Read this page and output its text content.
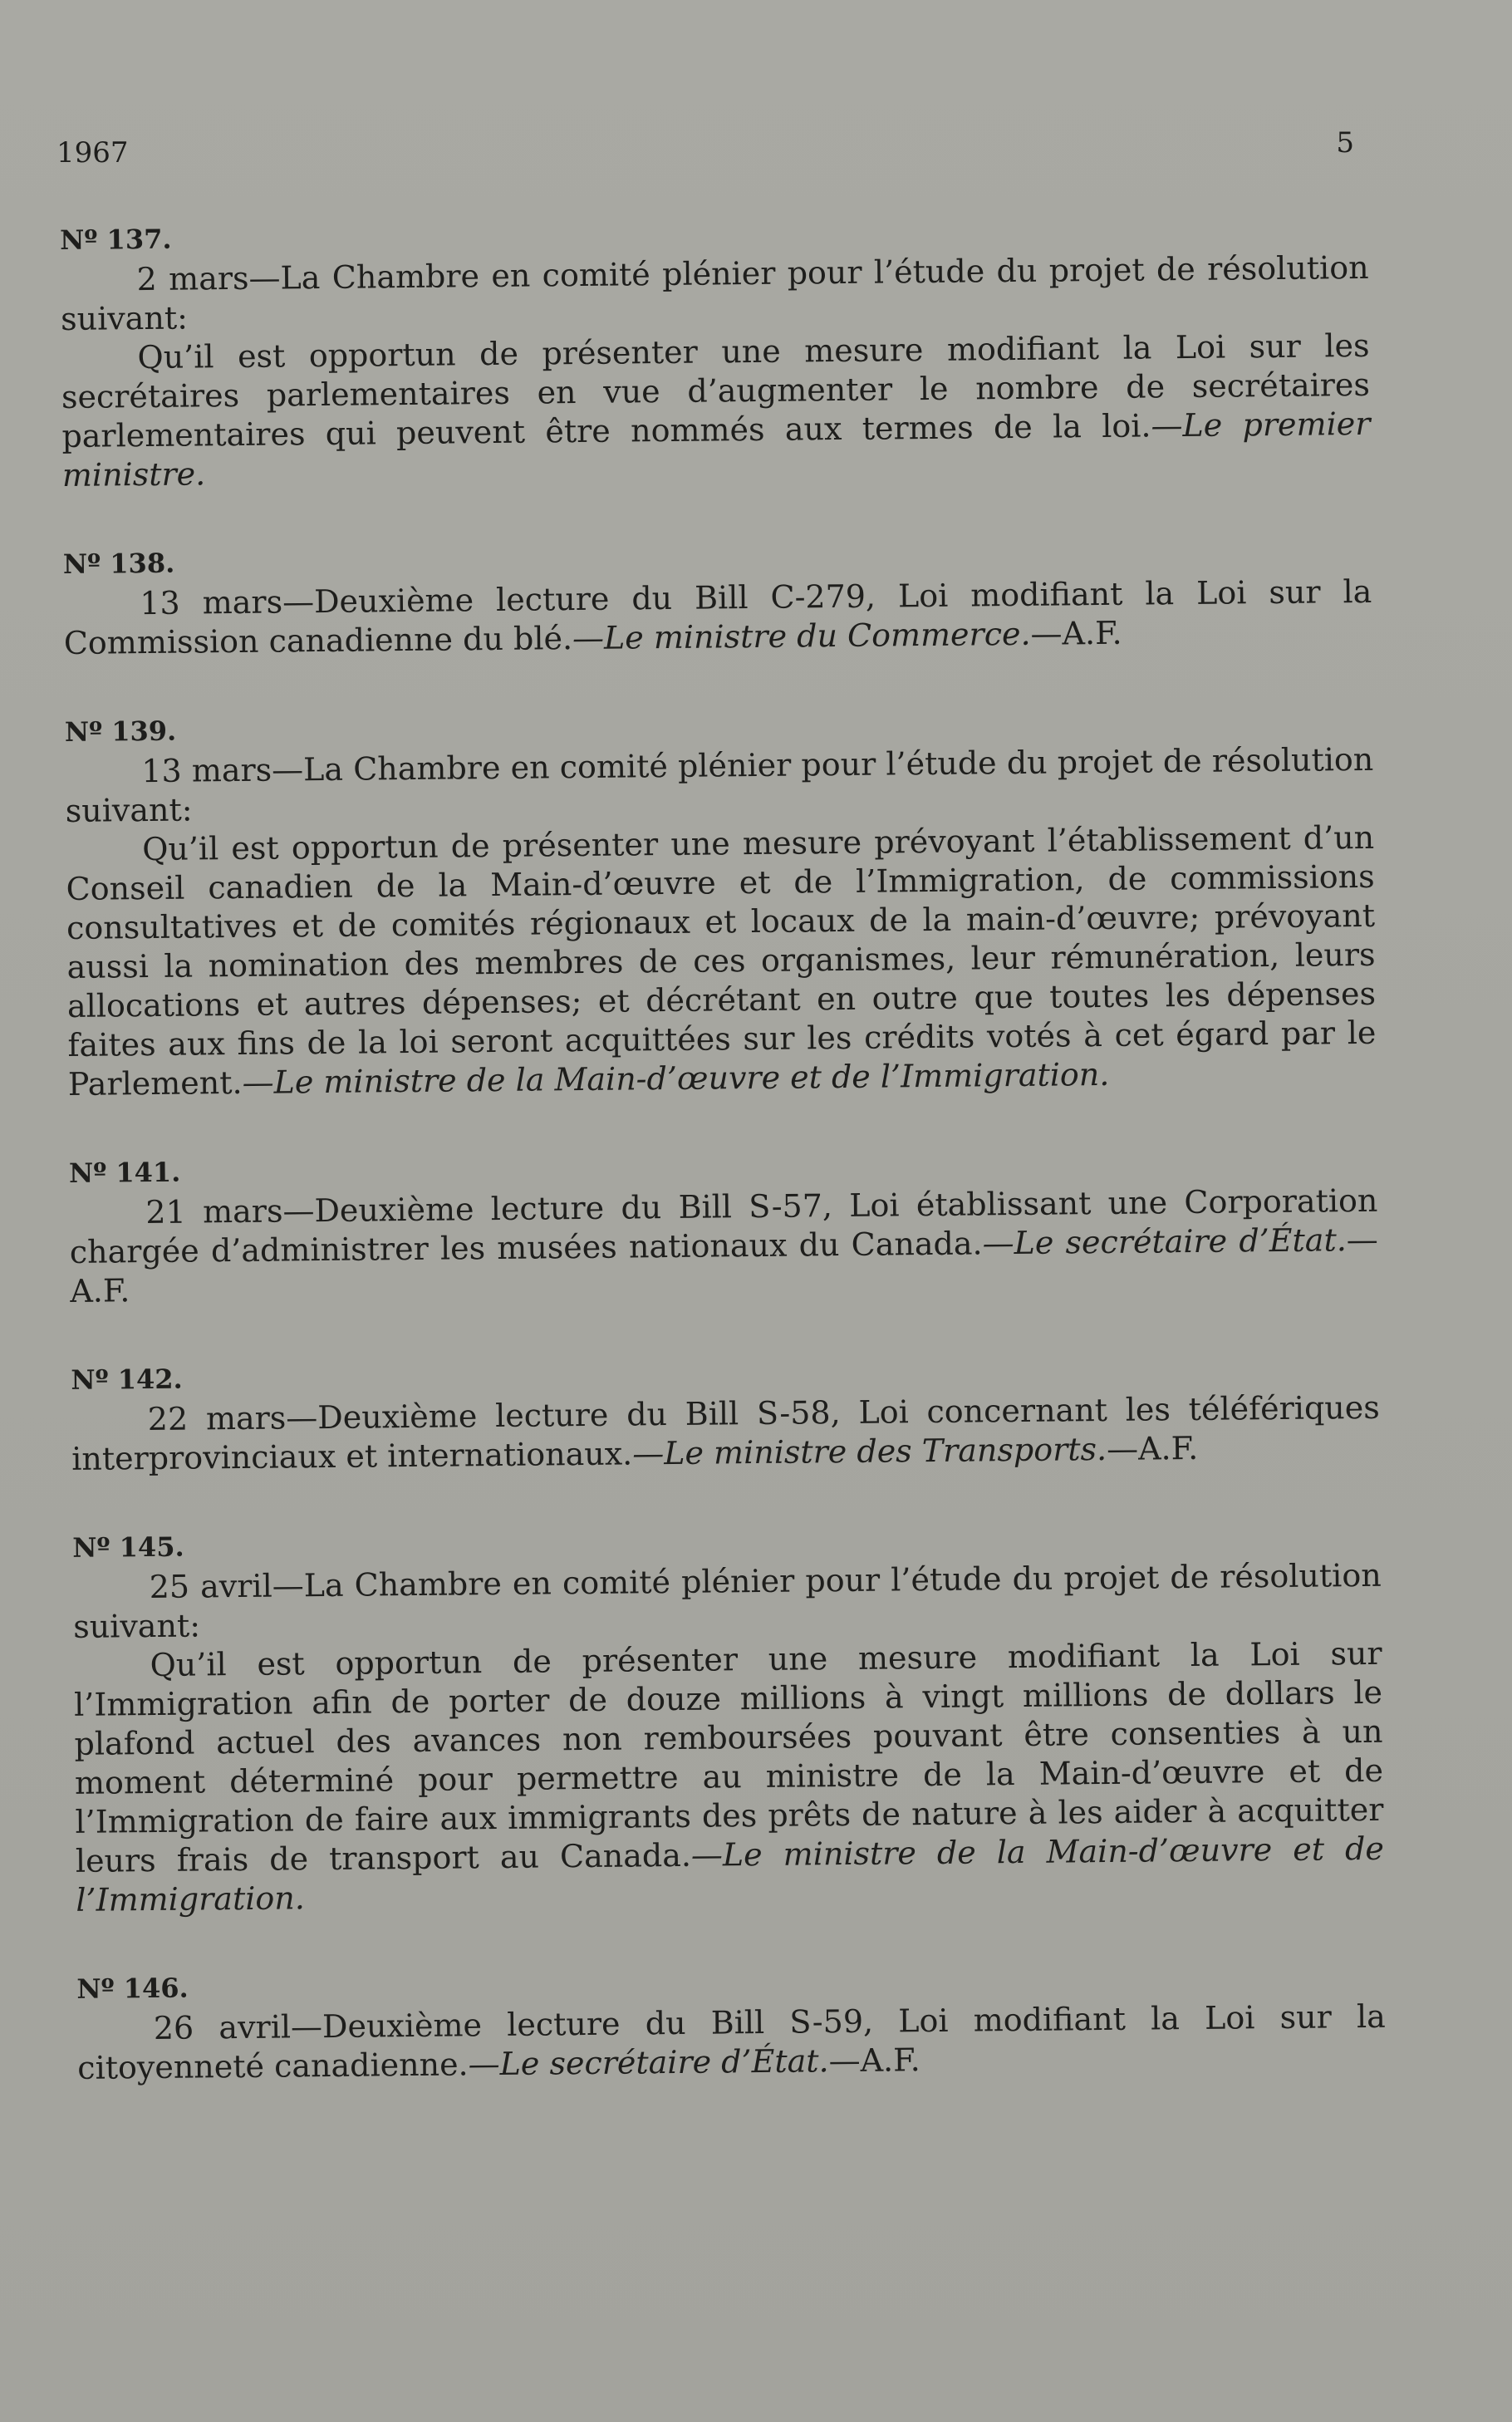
1967	5
Nº 137.

2 mars—La Chambre en comité plénier pour l’étude du projet de résolution suivant:

Qu’il est opportun de présenter une mesure modifiant la Loi sur les secrétaires parlementaires en vue d’augmenter le nombre de secrétaires parlementaires qui peuvent être nommés aux termes de la loi.—Le premier ministre.

Nº 138.

13 mars—Deuxième lecture du Bill C-279, Loi modifiant la Loi sur la Commission canadienne du blé.—Le ministre du Commerce.—A.F.

Nº 139.

13 mars—La Chambre en comité plénier pour l’étude du projet de résolution suivant:

Qu’il est opportun de présenter une mesure prévoyant l’établissement d’un Conseil canadien de la Main-d’œuvre et de l’Immigration, de commissions consultatives et de comités régionaux et locaux de la main-d’œuvre; prévoyant aussi la nomination des membres de ces organismes, leur rémunération, leurs allocations et autres dépenses; et décrétant en outre que toutes les dépenses faites aux fins de la loi seront acquittées sur les crédits votés à cet égard par le Parlement.—Le ministre de la Main-d’œuvre et de l’Immigration.

Nº 141.

21 mars—Deuxième lecture du Bill S-57, Loi établissant une Corporation chargée d’administrer les musées nationaux du Canada.—Le secrétaire d’État.—A.F.

Nº 142.

22 mars—Deuxième lecture du Bill S-58, Loi concernant les téléfériques interprovinciaux et internationaux.—Le ministre des Transports.—A.F.

Nº 145.

25 avril—La Chambre en comité plénier pour l’étude du projet de résolution suivant:

Qu’il est opportun de présenter une mesure modifiant la Loi sur l’Immigration afin de porter de douze millions à vingt millions de dollars le plafond actuel des avances non remboursées pouvant être consenties à un moment déterminé pour permettre au ministre de la Main-d’œuvre et de l’Immigration de faire aux immigrants des prêts de nature à les aider à acquitter leurs frais de transport au Canada.—Le ministre de la Main-d’œuvre et de l’Immigration.

Nº 146.

26 avril—Deuxième lecture du Bill S-59, Loi modifiant la Loi sur la citoyenneté canadienne.—Le secrétaire d’État.—A.F.
